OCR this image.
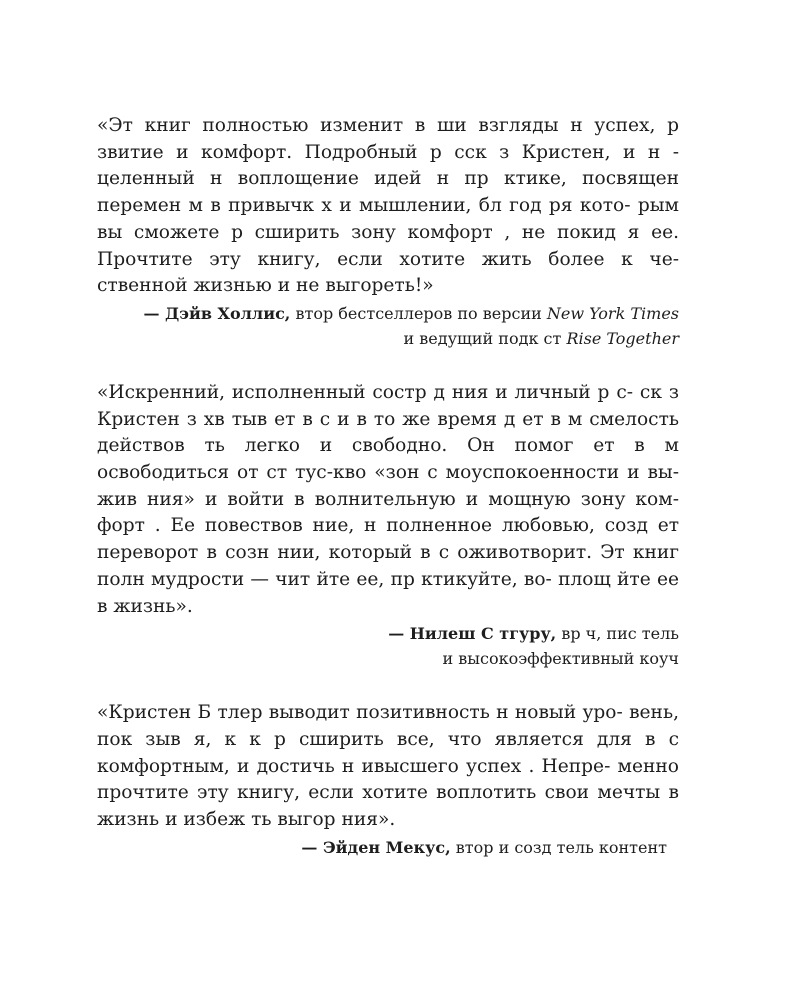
«Эт книг полностью изменит в ши взгляды н успех, р звитие и комфорт. Подробный р сск з Кристен, и н - целенный н воплощение идей н пр ктике, посвящен перемен м в привычк х и мышлении, бл год ря кото- рым вы сможете р сширить зону комфорт , не покид я ее. Прочтите эту книгу, если хотите жить более к че- ственной жизнью и не выгореть!»

— Дэйв Холлис, втор бестселлеров по версии New York Times
и ведущий подк ст Rise Together

«Искренний, исполненный состр д ния и личный р с- ск з Кристен з хв тыв ет в с и в то же время д ет в м смелость действов ть легко и свободно. Он помог ет в м освободиться от ст тус-кво «зон с моуспокоенности и вы- жив ния» и войти в волнительную и мощную зону ком- форт . Ее повествов ние, н полненное любовью, созд ет переворот в созн нии, который в с оживотворит. Эт книг полн мудрости — чит йте ее, пр ктикуйте, во- площ йте ее в жизнь».

— Нилеш С тгуру, вр ч, пис тель
и высокоэффективный коуч

«Кристен Б тлер выводит позитивность н новый уро- вень, пок зыв я, к к р сширить все, что является для в с комфортным, и достичь н ивысшего успех . Непре- менно прочтите эту книгу, если хотите воплотить свои мечты в жизнь и избеж ть выгор ния».

— Эйден Мекус, втор и созд тель контент
